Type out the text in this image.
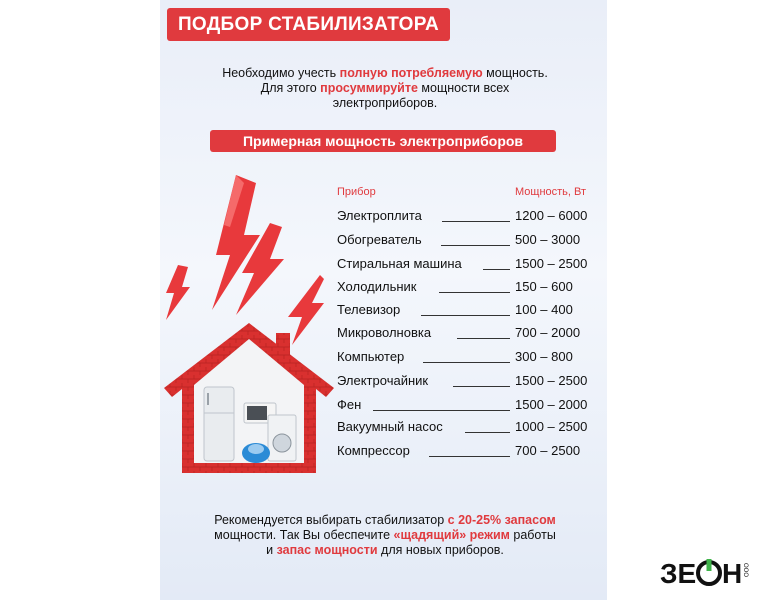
ПОДБОР СТАБИЛИЗАТОРА
Необходимо учесть полную потребляемую мощность.
Для этого просуммируйте мощности всех
электроприборов.
Примерная мощность электроприборов
Прибор	Мощность, Вт
Электроплита	1200 – 6000
Обогреватель	500 – 3000
Стиральная машина	1500 – 2500
Холодильник	150 – 600
Телевизор	100 – 400
Микроволновка	700 – 2000
Компьютер	300 – 800
Электрочайник	1500 – 2500
Фен	1500 – 2000
Вакуумный насос	1000 – 2500
Компрессор	700 – 2500
Рекомендуется выбирать стабилизатор с 20-25% запасом
мощности. Так Вы обеспечите «щадящий» режим работы
и запас мощности для новых приборов.
ЗЕ Н ООО
